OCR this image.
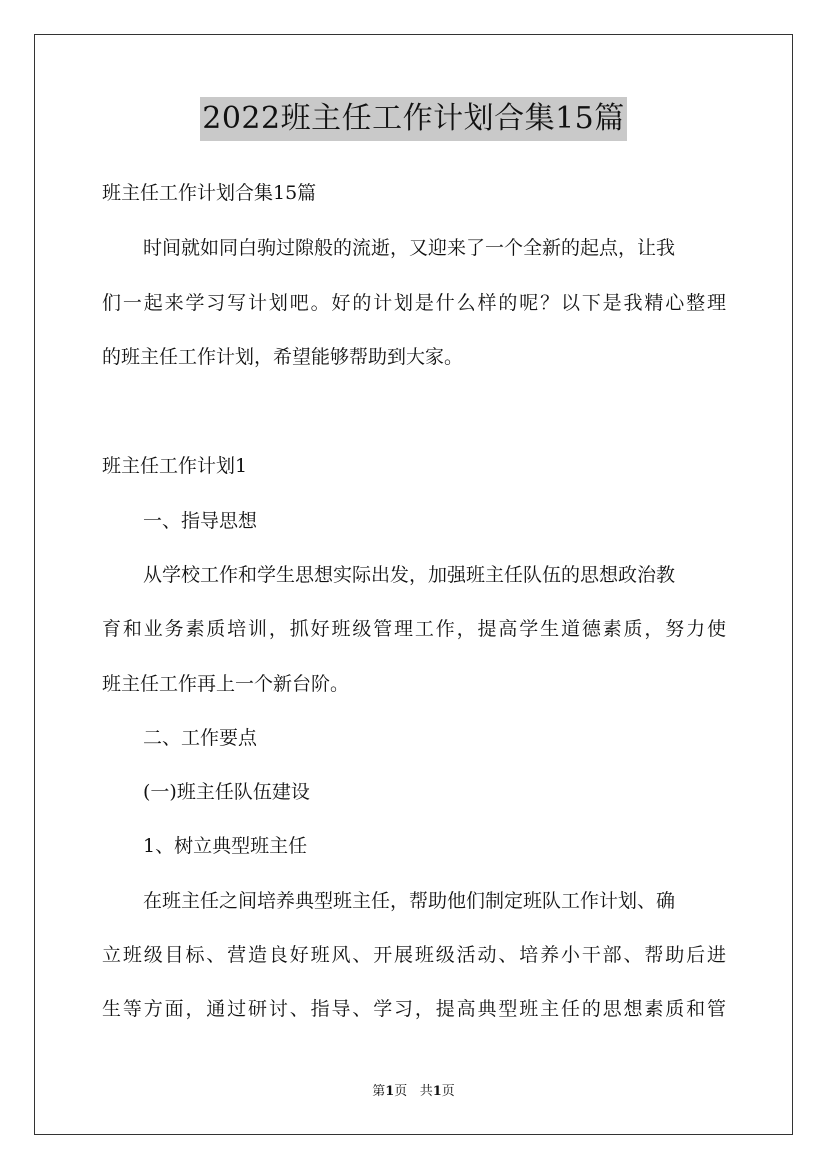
2022班主任工作计划合集15篇
班主任工作计划合集15篇
时间就如同白驹过隙般的流逝，又迎来了一个全新的起点，让我
们一起来学习写计划吧。好的计划是什么样的呢？以下是我精心整理
的班主任工作计划，希望能够帮助到大家。
班主任工作计划1
一、指导思想
从学校工作和学生思想实际出发，加强班主任队伍的思想政治教
育和业务素质培训，抓好班级管理工作，提高学生道德素质，努力使
班主任工作再上一个新台阶。
二、工作要点
(一)班主任队伍建设
1、树立典型班主任
在班主任之间培养典型班主任，帮助他们制定班队工作计划、确
立班级目标、营造良好班风、开展班级活动、培养小干部、帮助后进
生等方面，通过研讨、指导、学习，提高典型班主任的思想素质和管
第1页 共1页
